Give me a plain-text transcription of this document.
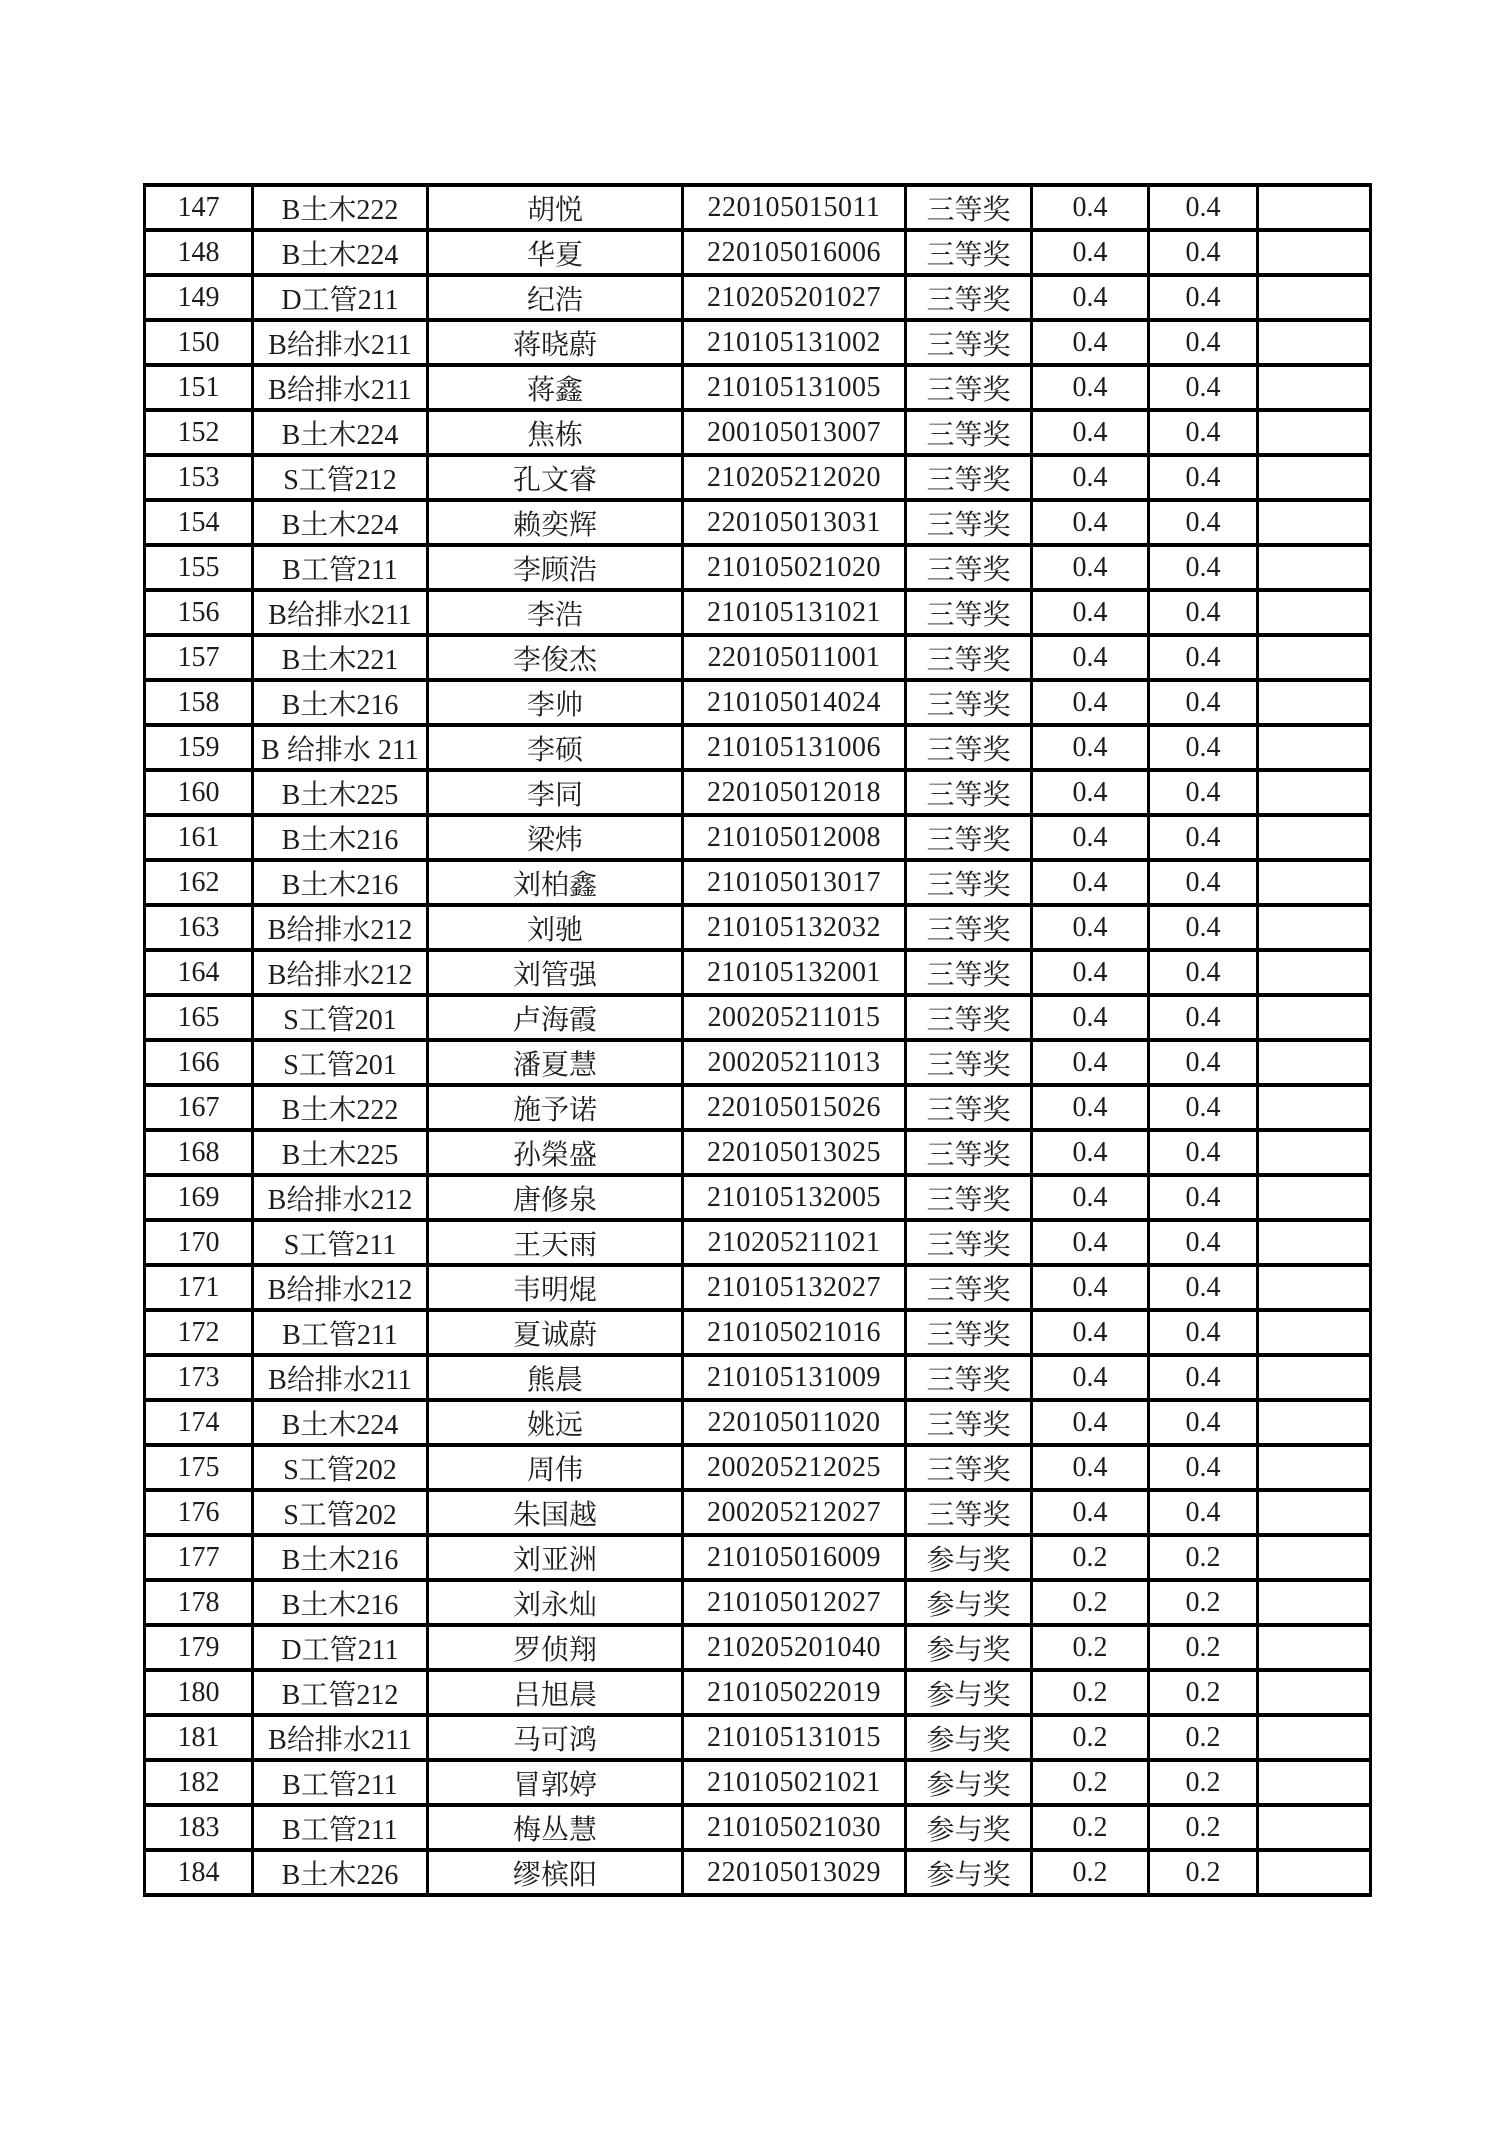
147	B土木222	胡悦	220105015011	三等奖	0.4	0.4	
148	B土木224	华夏	220105016006	三等奖	0.4	0.4	
149	D工管211	纪浩	210205201027	三等奖	0.4	0.4	
150	B给排水211	蒋晓蔚	210105131002	三等奖	0.4	0.4	
151	B给排水211	蒋鑫	210105131005	三等奖	0.4	0.4	
152	B土木224	焦栋	200105013007	三等奖	0.4	0.4	
153	S工管212	孔文睿	210205212020	三等奖	0.4	0.4	
154	B土木224	赖奕辉	220105013031	三等奖	0.4	0.4	
155	B工管211	李顾浩	210105021020	三等奖	0.4	0.4	
156	B给排水211	李浩	210105131021	三等奖	0.4	0.4	
157	B土木221	李俊杰	220105011001	三等奖	0.4	0.4	
158	B土木216	李帅	210105014024	三等奖	0.4	0.4	
159	B 给排水 211	李硕	210105131006	三等奖	0.4	0.4	
160	B土木225	李同	220105012018	三等奖	0.4	0.4	
161	B土木216	梁炜	210105012008	三等奖	0.4	0.4	
162	B土木216	刘柏鑫	210105013017	三等奖	0.4	0.4	
163	B给排水212	刘驰	210105132032	三等奖	0.4	0.4	
164	B给排水212	刘管强	210105132001	三等奖	0.4	0.4	
165	S工管201	卢海霞	200205211015	三等奖	0.4	0.4	
166	S工管201	潘夏慧	200205211013	三等奖	0.4	0.4	
167	B土木222	施予诺	220105015026	三等奖	0.4	0.4	
168	B土木225	孙榮盛	220105013025	三等奖	0.4	0.4	
169	B给排水212	唐修泉	210105132005	三等奖	0.4	0.4	
170	S工管211	王天雨	210205211021	三等奖	0.4	0.4	
171	B给排水212	韦明焜	210105132027	三等奖	0.4	0.4	
172	B工管211	夏诚蔚	210105021016	三等奖	0.4	0.4	
173	B给排水211	熊晨	210105131009	三等奖	0.4	0.4	
174	B土木224	姚远	220105011020	三等奖	0.4	0.4	
175	S工管202	周伟	200205212025	三等奖	0.4	0.4	
176	S工管202	朱国越	200205212027	三等奖	0.4	0.4	
177	B土木216	刘亚洲	210105016009	参与奖	0.2	0.2	
178	B土木216	刘永灿	210105012027	参与奖	0.2	0.2	
179	D工管211	罗侦翔	210205201040	参与奖	0.2	0.2	
180	B工管212	吕旭晨	210105022019	参与奖	0.2	0.2	
181	B给排水211	马可鸿	210105131015	参与奖	0.2	0.2	
182	B工管211	冒郭婷	210105021021	参与奖	0.2	0.2	
183	B工管211	梅丛慧	210105021030	参与奖	0.2	0.2	
184	B土木226	缪槟阳	220105013029	参与奖	0.2	0.2	
